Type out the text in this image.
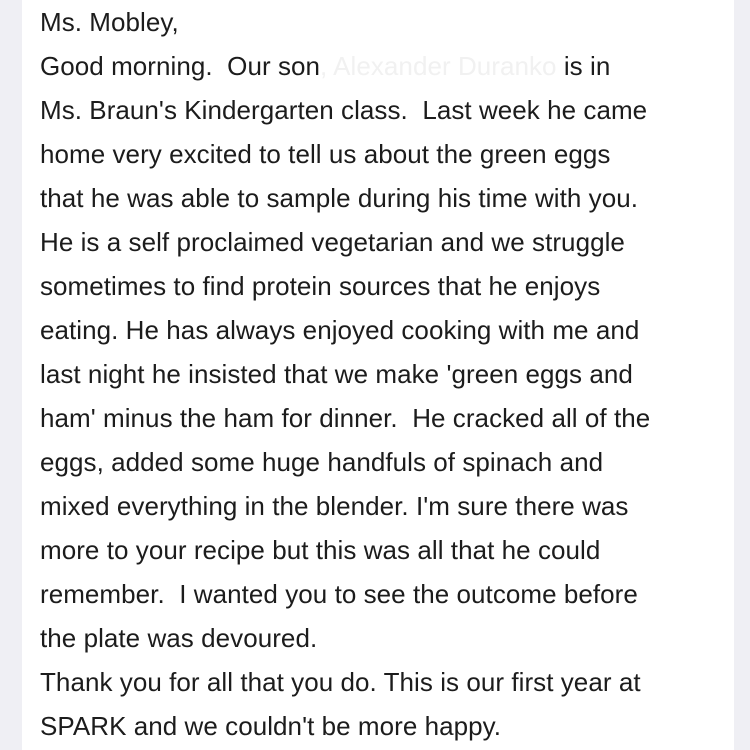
Ms. Mobley,
Good morning.  Our son, Alexander Duranko is in
Ms. Braun's Kindergarten class.  Last week he came
home very excited to tell us about the green eggs
that he was able to sample during his time with you.
He is a self proclaimed vegetarian and we struggle
sometimes to find protein sources that he enjoys
eating. He has always enjoyed cooking with me and
last night he insisted that we make 'green eggs and
ham' minus the ham for dinner.  He cracked all of the
eggs, added some huge handfuls of spinach and
mixed everything in the blender. I'm sure there was
more to your recipe but this was all that he could
remember.  I wanted you to see the outcome before
the plate was devoured.
Thank you for all that you do. This is our first year at
SPARK and we couldn't be more happy.
